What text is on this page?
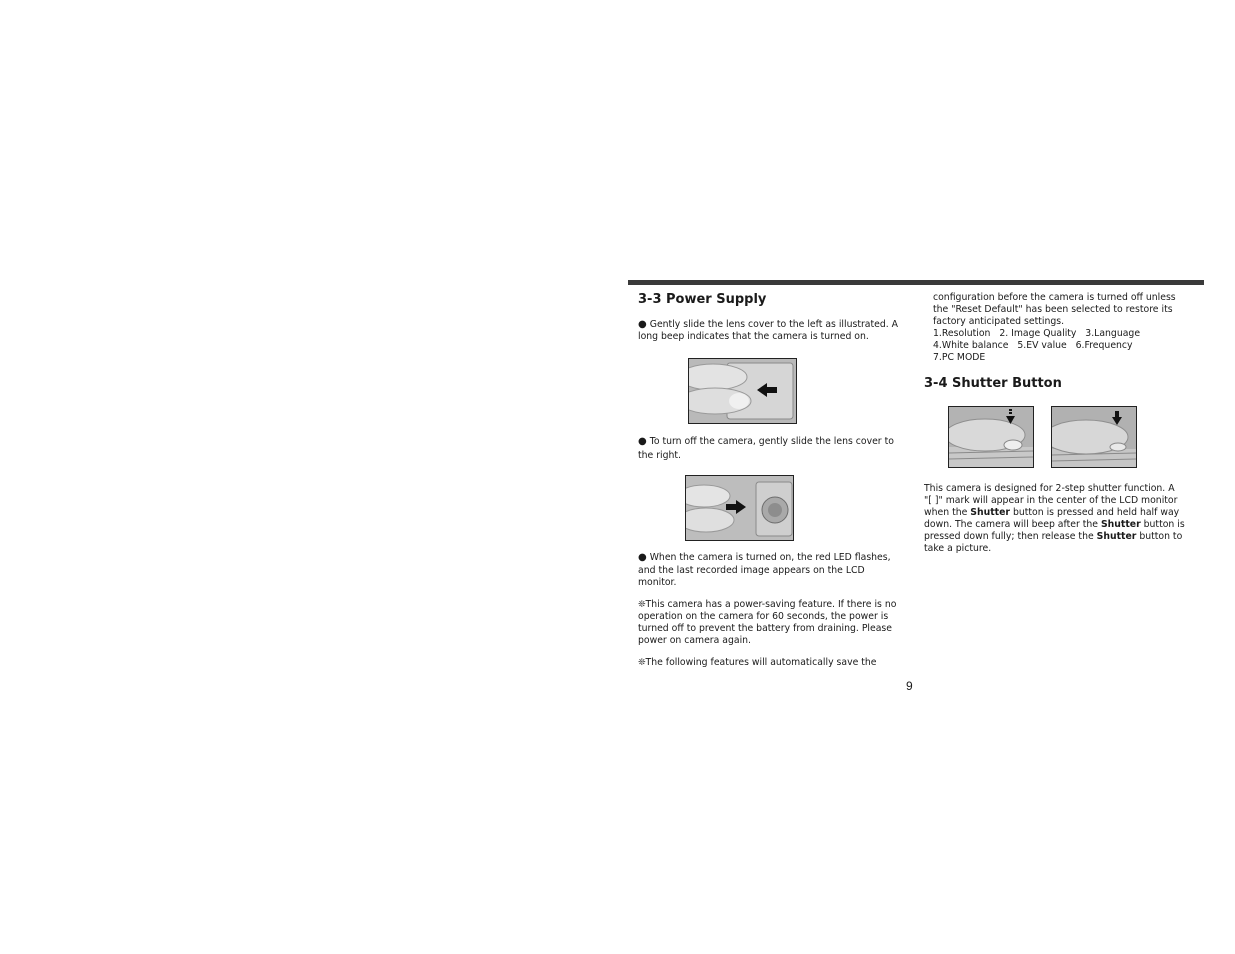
3-3 Power Supply
● Gently slide the lens cover to the left as illustrated. A
long beep indicates that the camera is turned on.
● To turn off the camera, gently slide the lens cover to
the right.
● When the camera is turned on, the red LED flashes,
and the last recorded image appears on the LCD
monitor.
❊This camera has a power-saving feature. If there is no
operation on the camera for 60 seconds, the power is
turned off to prevent the battery from draining. Please
power on camera again.
❊The following features will automatically save the
9
configuration before the camera is turned off unless
the "Reset Default" has been selected to restore its
factory anticipated settings.
1.Resolution   2. Image Quality   3.Language
4.White balance   5.EV value   6.Frequency
7.PC MODE
3-4 Shutter Button
This camera is designed for 2-step shutter function. A
"[ ]" mark will appear in the center of the LCD monitor
when the Shutter button is pressed and held half way
down. The camera will beep after the Shutter button is
pressed down fully; then release the Shutter button to
take a picture.
